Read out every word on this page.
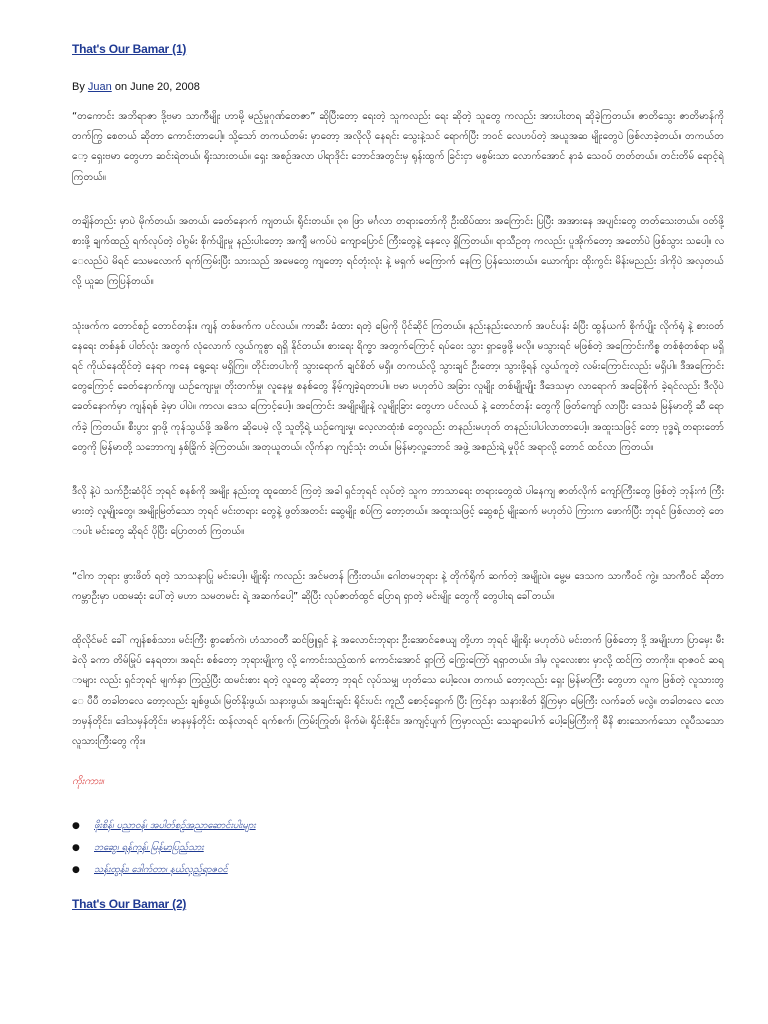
That's Our Bamar (1)
By Juan on June 20, 2008

“တကောင်း အဘိရာဇာ ဒို့ဗမာ သာကီမျိုး ဟာမို့ မည့်မှုဂုဏ်တေဇာ” ဆိုပြီးတော့ ရေးတဲ့ သူကလည်း ရေး ဆိုတဲ့ သူတွေ ကလည်း အားပါးတရ ဆိုခဲ့ကြတယ်။ ဇာတိသွေး ဇာတိမာန်ကို တက်ကြွ စေတယ် ဆိုတာ ကောင်းတာပေါ့။ သို့သော် တကယ်တမ်း မှာတော့ အလိုလို နေရင်း သွေးနဲ့သင် ရောက်ပြီး ဘဝင် လေဟပ်တဲ့ အယူအဆ မျိုးတွေပဲ ဖြစ်လာခဲ့တယ်။ တကယ်တော့ ရှေးဗမာ တွေဟာ ဆင်းရဲတယ်၊ ရိုးသားတယ်။ ရှေး အစဉ်အလာ ပါရာဒိုင်း ဘောင်အတွင်းမှ ရုန်းထွက် ခြင်းငှာ မစွမ်းသာ လောက်အောင် နာခံ သေဝပ် တတ်တယ်။ တင်းတိမ် ရောင့်ရဲ ကြတယ်။

တချိန်တည်း မှာပဲ မိုက်တယ်၊ အတယ်၊ ခေတ်နောက် ကျတယ်၊ ရိုင်းတယ်။ ၃၈ ဖြာ မင်္ဂလာ တရားတော်ကို ဦးထိပ်ထား အကြောင်း ပြပြီး အအားနေ အပျင်းတွေ တတ်သေးတယ်။ ဝတ်ဖို့ စားဖို့ ချက်ထည့် ရက်လုပ်တဲ့ ဝါဂွမ်း စိုက်ပျိုးမှု နည်းပါးတော့ အကျီ မကပ်ပဲ ကျောပြောင် ကြီးတွေနဲ့ နေလေ့ ရှိကြတယ်။ ရာသီဥတု ကလည်း ပူအိုက်တော့ အတော်ပဲ ဖြစ်သွား သပေါ့။ လေလည်ပဲ မိရင် သေမလောက် ရက်ကြမ်းပြီး သားသည် အမေတွေ ကျတော့ ရင်တုံးလုံး နဲ့ မရှက် မကြောက် နေကြ ပြန်သေးတယ်။ ယောက်ျား ထိုးကွင်း မိန်းမညည်း ဒါကိုပဲ အလှတယ်လို့ ယူဆ ကြပြန်တယ်။

သုံးဖက်က တောင်စဉ် တောင်တန်း။ ကျန် တစ်ဖက်က ပင်လယ်။ ကာဆီး ခံထား ရတဲ့ မြေကို ပိုင်ဆိုင် ကြတယ်။ နည်းနည်းလောက် အပင်ပန်း ခံပြီး ထွန်ယက် စိုက်ပျိုး လိုက်ရုံ နဲ့ စားဝတ် နေရေး တစ်နှစ် ပါတ်လုံး အတွက် လုံလောက် လွယ်ကူစွာ ရရှိ နိုင်တယ်။ စားရေး ရိက္ခာ အတွက်ကြောင့် ရပ်ဝေး သွား ရှာဖွေဖို့ မလို။ မသွားရင် မဖြစ်တဲ့ အကြောင်းကိစ္စ တစ်စုံတစ်ရာ မရှိရင် ကိုယ်နေထိုင်တဲ့ နေရာ ကနေ ရွေ့ရေး မရှိကြ။ တိုင်းတပါးကို သွားရောက် ချင်စိတ် မရှိ။ တကယ်လို့ သွားချင် ဦးတော့၊ သွားဖို့ရန် လွယ်ကူတဲ့ လမ်းကြောင်းလည်း မရှိပါ။ ဒီအကြောင်း တွေကြောင့် ခေတ်နောက်ကျ၊ ယဉ်ကျေးမှု၊ တိုးတက်မှု၊ လူနေမှု စနစ်တွေ နိမ့်ကျခဲ့ရတာပါ။ ဗမာ မဟုတ်ပဲ အခြား လူမျိုး တစ်မျိုးမျိုး ဒီဒေသမှာ လာရောက် အခြေစိုက် ခဲ့ရင်လည်း ဒီလိုပဲ ခေတ်နောက်မှာ ကျန်ရစ် ခဲ့မှာ ပါပဲ။ ကာလ၊ ဒေသ ကြောင့်ပေါ့။ အကြောင်း အမျိုးမျိုးနဲ့ လူမျိုးခြား တွေဟာ ပင်လယ် နဲ့ တောင်တန်း တွေကို ဖြတ်ကျော် လာပြီး ဒေသခံ မြန်မာတို့ ဆီ ရောက်ခဲ့ ကြတယ်။ စီးပွား ရှာဖို့ ကုန်သွယ်ဖို့ အဓိက ဆိုပေမဲ့ လို့ သူတို့ရဲ့ ယဉ်ကျေးမှု၊ လေ့လာထုံးစံ တွေလည်း တနည်းမဟုတ် တနည်းပါပါလာတာပေါ့။ အထူးသဖြင့် တော့ ဗုဒ္ဓရဲ့ တရားတော် တွေကို မြန်မာတို့ သဘောကျ နှစ်ခြိုက် ခဲ့ကြတယ်။ အတုယူတယ်၊ လိုက်နာ ကျင့်သုံး တယ်။ မြန်မာ့လူ့ဘောင် အဖွဲ့ အစည်းရဲ့ မှုပိုင် အရာလို့ တောင် ထင်လာ ကြတယ်။

ဒီလို နဲ့ပဲ သက်ဦးဆံပိုင် ဘုရင် စနစ်ကို အမျိုး နည်းတူ ထူထောင် ကြတဲ့ အခါ ရှင်ဘုရင် လုပ်တဲ့ သူက ဘာသာရေး တရားတွေထဲ ပါနေကျ ဇာတ်လိုက် ကျော်ကြီးတွေ ဖြစ်တဲ့ ဘုန်းကံ ကြီးမားတဲ့ လူမျိုးတွေ၊ အမျိုးမြတ်သော ဘုရင် မင်းတရား တွေနဲ့ ဖွတ်အတင်း ဆွေမျိုး စပ်ကြ တော့တယ်။ အထူးသဖြင့် ဆွေစဉ် မျိုးဆက် မဟုတ်ပဲ ကြားက ဖောက်ပြီး ဘုရင် ဖြစ်လာတဲ့ တောပါး မင်းတွေ ဆိုရင် ပိုပြီး ပြောတတ် ကြတယ်။

“ငါက ဘုရား ဖွားဖိတ် ရတဲ့ သာသနာပြု မင်းပေါ့။ မျိုးရိုး ကလည်း အင်မတန် ကြီးတယ်။ ဂေါတမဘုရား နဲ့ တိုက်ရိုက် ဆက်တဲ့ အမျိုးပဲ။ မွေ့မ ဒေသက သာကီဝင် ကွဲ့။ သာကီဝင် ဆိုတာ ကမ္ဘာဦးမှာ ပထမဆုံး ပေါ်တဲ့ မဟာ သမတမင်း ရဲ့ အဆက်ပေါ့” ဆိုပြီး လုပ်ဇာတ်ထွင် ပြောရ ရှာတဲ့ မင်းမျိုး တွေကို တွေပါးရ ခေါ်တယ်။

ထိုလိုင်မင် ခေါ် ကျန်စစ်သား၊ မင်းကြီး စွာစော်ကဲ၊ ဟံသာဝတီ ဆင်ဖြူရှင် နဲ့ အလောင်းဘုရား ဦးအောင်ဇေယျ တို့ဟာ ဘုရင် မျိုးရိုး မဟုတ်ပဲ မင်းတက် ဖြစ်တော့ ဒို့ အမျိုးဟာ ပြာမှေး မီးခဲလို ခကာ တိမ်မြုပ် နေရတာ၊ အရင်း စစ်တော့ ဘုရားမျိုးကွ လို့ ကောင်းသည့်ထက် ကောင်းအောင် ရှာကြံ ကြွေးကြော် ရရှာတယ်။ ဒါမှ လူလေးစား မှာလို့ ထင်ကြ တာကိုး။ ရာဇဝင် ဆရာများ လည်း ရှင်ဘုရင် မျက်နှာ ကြည့်ပြီး ထမင်းစား ရတဲ့ လူတွေ ဆိုတော့ ဘုရင် လုပ်သမျှ ဟုတ်သေ ပေါ့လေ။ တကယ် တော့လည်း ရှေး မြန်မာကြီး တွေဟာ လူက ဖြစ်တဲ့ လူသားတွေ ပီပီ တခါတလေ တော့လည်း ချစ်ဖွယ်၊ မြတ်နိုးဖွယ်၊ သနားဖွယ်၊ အချင်းချင်း ရိုင်းပင်း ကူညီ စောင့်ရှောက် ပြီး ကြင်နာ သနားစိတ် ရှိကြမှာ မြေကြီး လက်ခတ် မလွဲ။ တခါတလေ လောဘမှန်တိုင်း၊ ဒေါသမှန်တိုင်း၊ မာနမှန်တိုင်း ထန်လာရင် ရက်စက်၊ ကြမ်းကြုတ်၊ မိုက်မဲ၊ ရိုင်းစိုင်း၊ အကျင့်ပျက် ကြမှာလည်း သေချာပေါက် ပေါ့မြေကြီးကို မီနိ စားသောက်သော လူပီသသော လူသားကြီးတွေ ကိုး။

ကိုးကား။
● ဖိုးစိန်၊ ပညာဝန်၊ အပါတ်စဉ်အညာဆောင်းပါးများ
● ဘဆွေ၊ ရန်ကုန်၊ မြန်မာပြည်သား
● သန်းထွန်း၊ ဒေါက်တာ၊ နယ်လှည့်ရာဇဝင်
That's Our Bamar (2)
